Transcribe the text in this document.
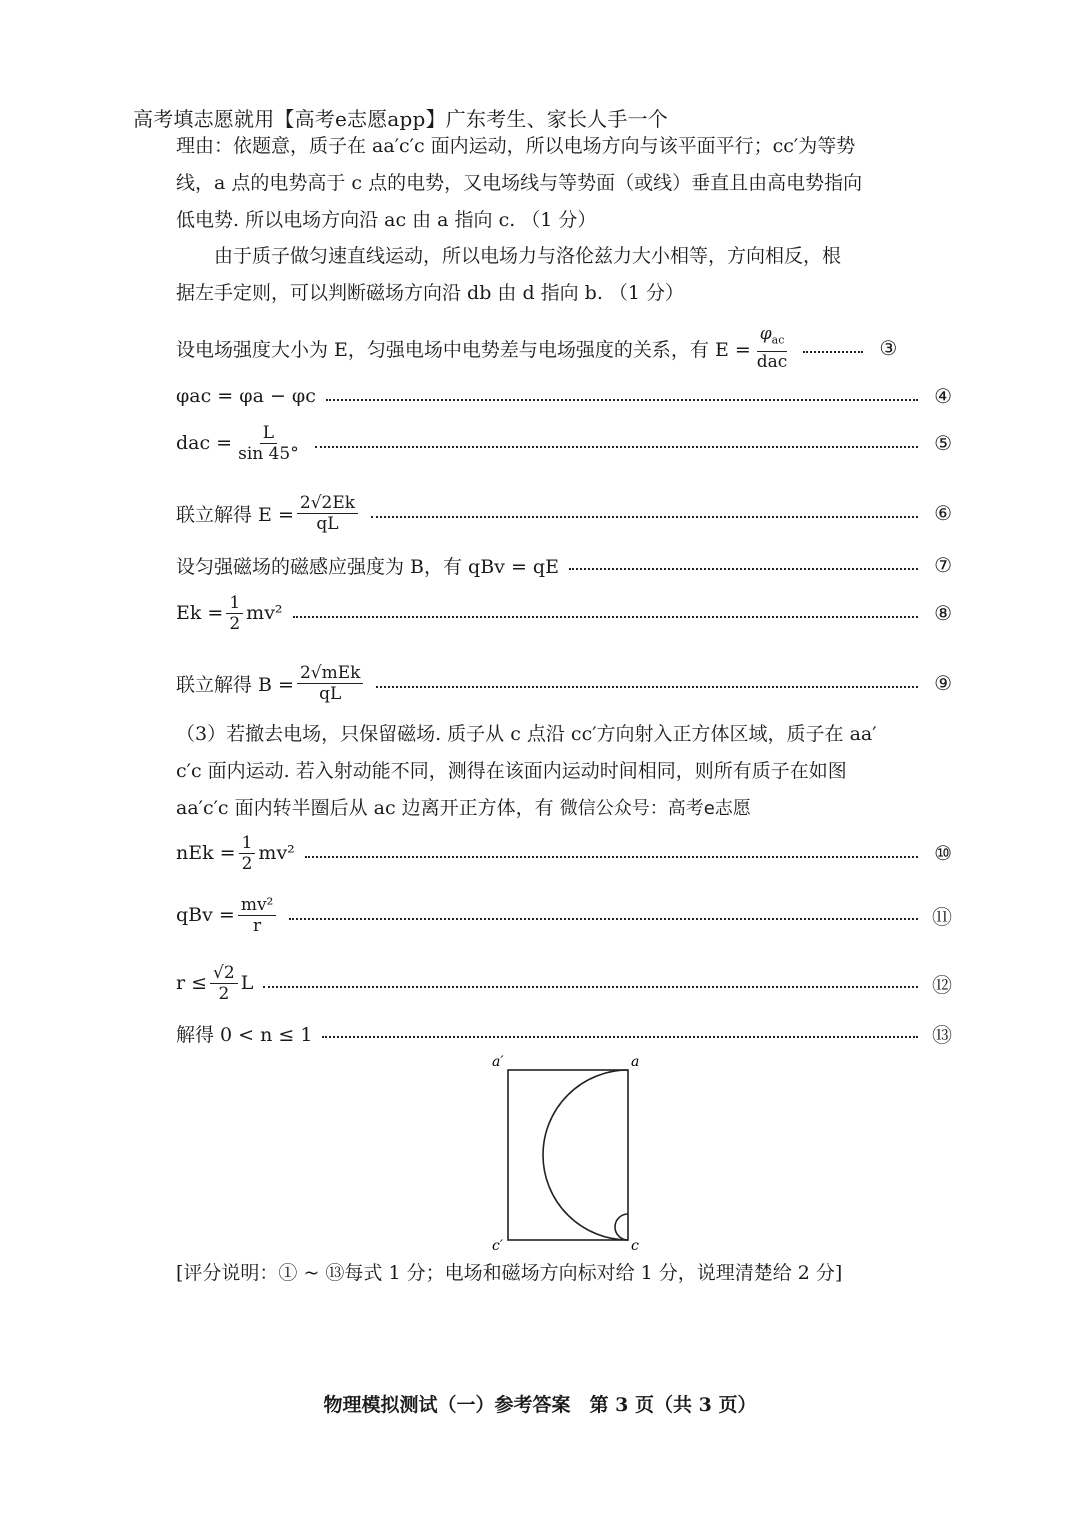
高考填志愿就用【高考e志愿app】广东考生、家长人手一个
理由：依题意，质子在 aa′c′c 面内运动，所以电场方向与该平面平行；cc′为等势
线，a 点的电势高于 c 点的电势，又电场线与等势面（或线）垂直且由高电势指向
低电势. 所以电场方向沿 ac 由 a 指向 c. （1 分）
由于质子做匀速直线运动，所以电场力与洛伦兹力大小相等，方向相反，根
据左手定则，可以判断磁场方向沿 db 由 d 指向 b. （1 分）
设电场强度大小为 E，匀强电场中电势差与电场强度的关系，有 $E = \frac{\varphi_{ac}}{\text{dac}}$	③
φac = φa − φc	④
dac = $\frac{L}{\sin 45^\circ}$	⑤
联立解得 $E = \frac{2√2Ek}{qL}$	⑥
设匀强磁场的磁感应强度为 B，有 qBv = qE	⑦
$Ek = \frac{1}{2} mv^2$	⑧
联立解得 $B = \frac{\text{2√mEk}}{qL}$	⑨
（3）若撤去电场，只保留磁场. 质子从 c 点沿 cc′方向射入正方体区域，质子在 aa′
c′c 面内运动. 若入射动能不同，测得在该面内运动时间相同，则所有质子在如图
aa′c′c 面内转半圈后从 ac 边离开正方体，有 微信公众号：高考e志愿
nEk = $\frac{1}{2} mv^2$	⑩
qBv = $\frac{\text{mv²}}{r}$	⑪
$r \le \frac{√2}{2}$ L	⑫
解得 0 < n ≤ 1	⑬
a′	a
c′	c
[评分说明：① ~ ⑬每式 1 分；电场和磁场方向标对给 1 分，说理清楚给 2 分]
物理模拟测试（一）参考答案　第 3 页（共 3 页）
